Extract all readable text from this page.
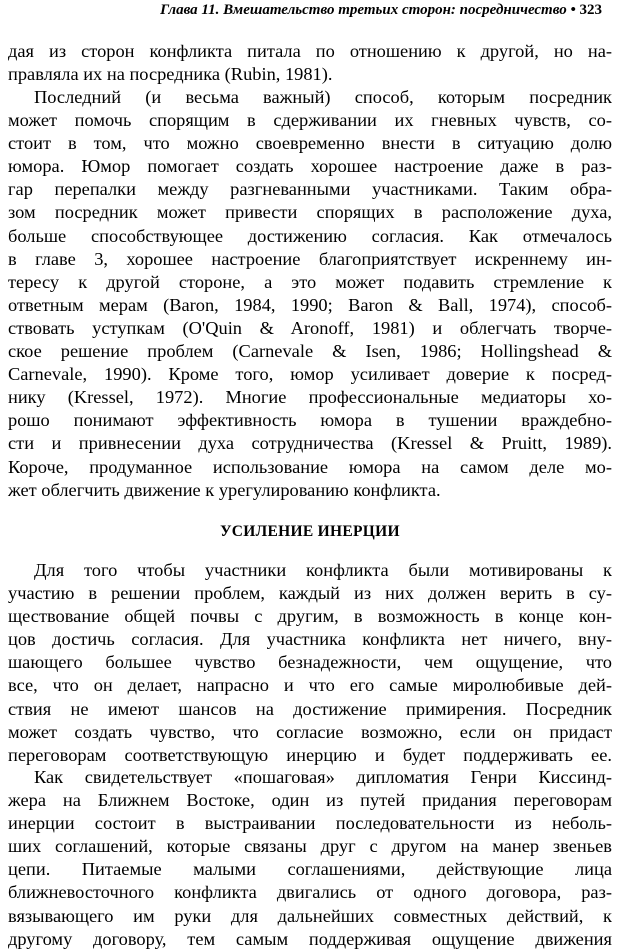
Глава 11. Вмешательство третьих сторон: посредничество • 323
дая из сторон конфликта питала по отношению к другой, но на-
правляла их на посредника (Rubin, 1981).
Последний (и весьма важный) способ, которым посредник
может помочь спорящим в сдерживании их гневных чувств, со-
стоит в том, что можно своевременно внести в ситуацию долю
юмора. Юмор помогает создать хорошее настроение даже в раз-
гар перепалки между разгневанными участниками. Таким обра-
зом посредник может привести спорящих в расположение духа,
больше способствующее достижению согласия. Как отмечалось
в главе 3, хорошее настроение благоприятствует искреннему ин-
тересу к другой стороне, а это может подавить стремление к
ответным мерам (Baron, 1984, 1990; Baron & Ball, 1974), способ-
ствовать уступкам (O'Quin & Aronoff, 1981) и облегчать творче-
ское решение проблем (Carnevale & Isen, 1986; Hollingshead &
Carnevale, 1990). Кроме того, юмор усиливает доверие к посред-
нику (Kressel, 1972). Многие профессиональные медиаторы хо-
рошо понимают эффективность юмора в тушении враждебно-
сти и привнесении духа сотрудничества (Kressel & Pruitt, 1989).
Короче, продуманное использование юмора на самом деле мо-
жет облегчить движение к урегулированию конфликта.
УСИЛЕНИЕ ИНЕРЦИИ
Для того чтобы участники конфликта были мотивированы к
участию в решении проблем, каждый из них должен верить в су-
ществование общей почвы с другим, в возможность в конце кон-
цов достичь согласия. Для участника конфликта нет ничего, вну-
шающего большее чувство безнадежности, чем ощущение, что
все, что он делает, напрасно и что его самые миролюбивые дей-
ствия не имеют шансов на достижение примирения. Посредник
может создать чувство, что согласие возможно, если он придаст
переговорам соответствующую инерцию и будет поддерживать ее.
Как свидетельствует «пошаговая» дипломатия Генри Киссинд-
жера на Ближнем Востоке, один из путей придания переговорам
инерции состоит в выстраивании последовательности из неболь-
ших соглашений, которые связаны друг с другом на манер звеньев
цепи. Питаемые малыми соглашениями, действующие лица
ближневосточного конфликта двигались от одного договора, раз-
вязывающего им руки для дальнейших совместных действий, к
другому договору, тем самым поддерживая ощущение движения
